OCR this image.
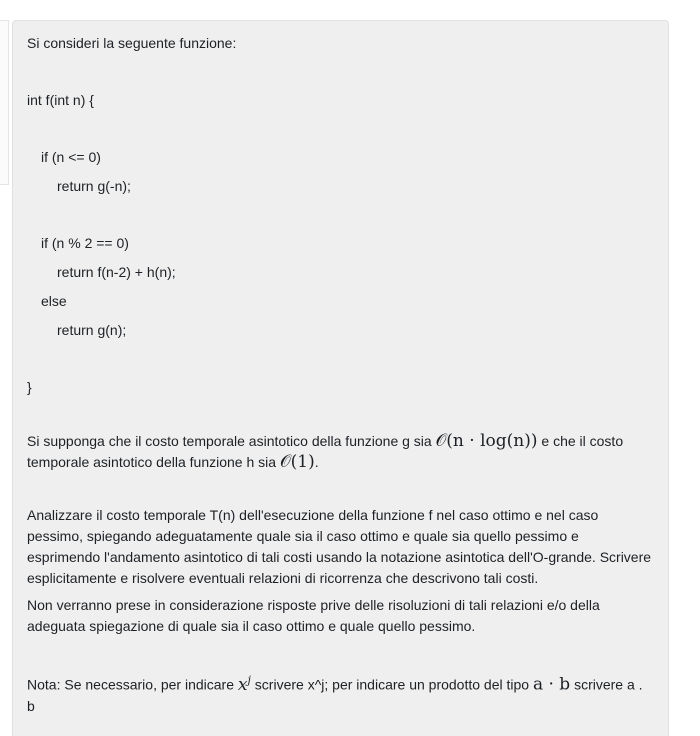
Si consideri la seguente funzione:

int f(int n) {

if (n <= 0)

return g(-n);

if (n % 2 == 0)

return f(n-2) + h(n);

else

return g(n);

}

Si supponga che il costo temporale asintotico della funzione g sia 𝒪(n · log(n)) e che il costo temporale asintotico della funzione h sia 𝒪(1).

Analizzare il costo temporale T(n) dell'esecuzione della funzione f nel caso ottimo e nel caso pessimo, spiegando adeguatamente quale sia il caso ottimo e quale sia quello pessimo e esprimendo l'andamento asintotico di tali costi usando la notazione asintotica dell'O-grande. Scrivere esplicitamente e risolvere eventuali relazioni di ricorrenza che descrivono tali costi.

Non verranno prese in considerazione risposte prive delle risoluzioni di tali relazioni e/o della adeguata spiegazione di quale sia il caso ottimo e quale quello pessimo.

Nota: Se necessario, per indicare $x^j$ scrivere x^j; per indicare un prodotto del tipo a · b scrivere a . b
